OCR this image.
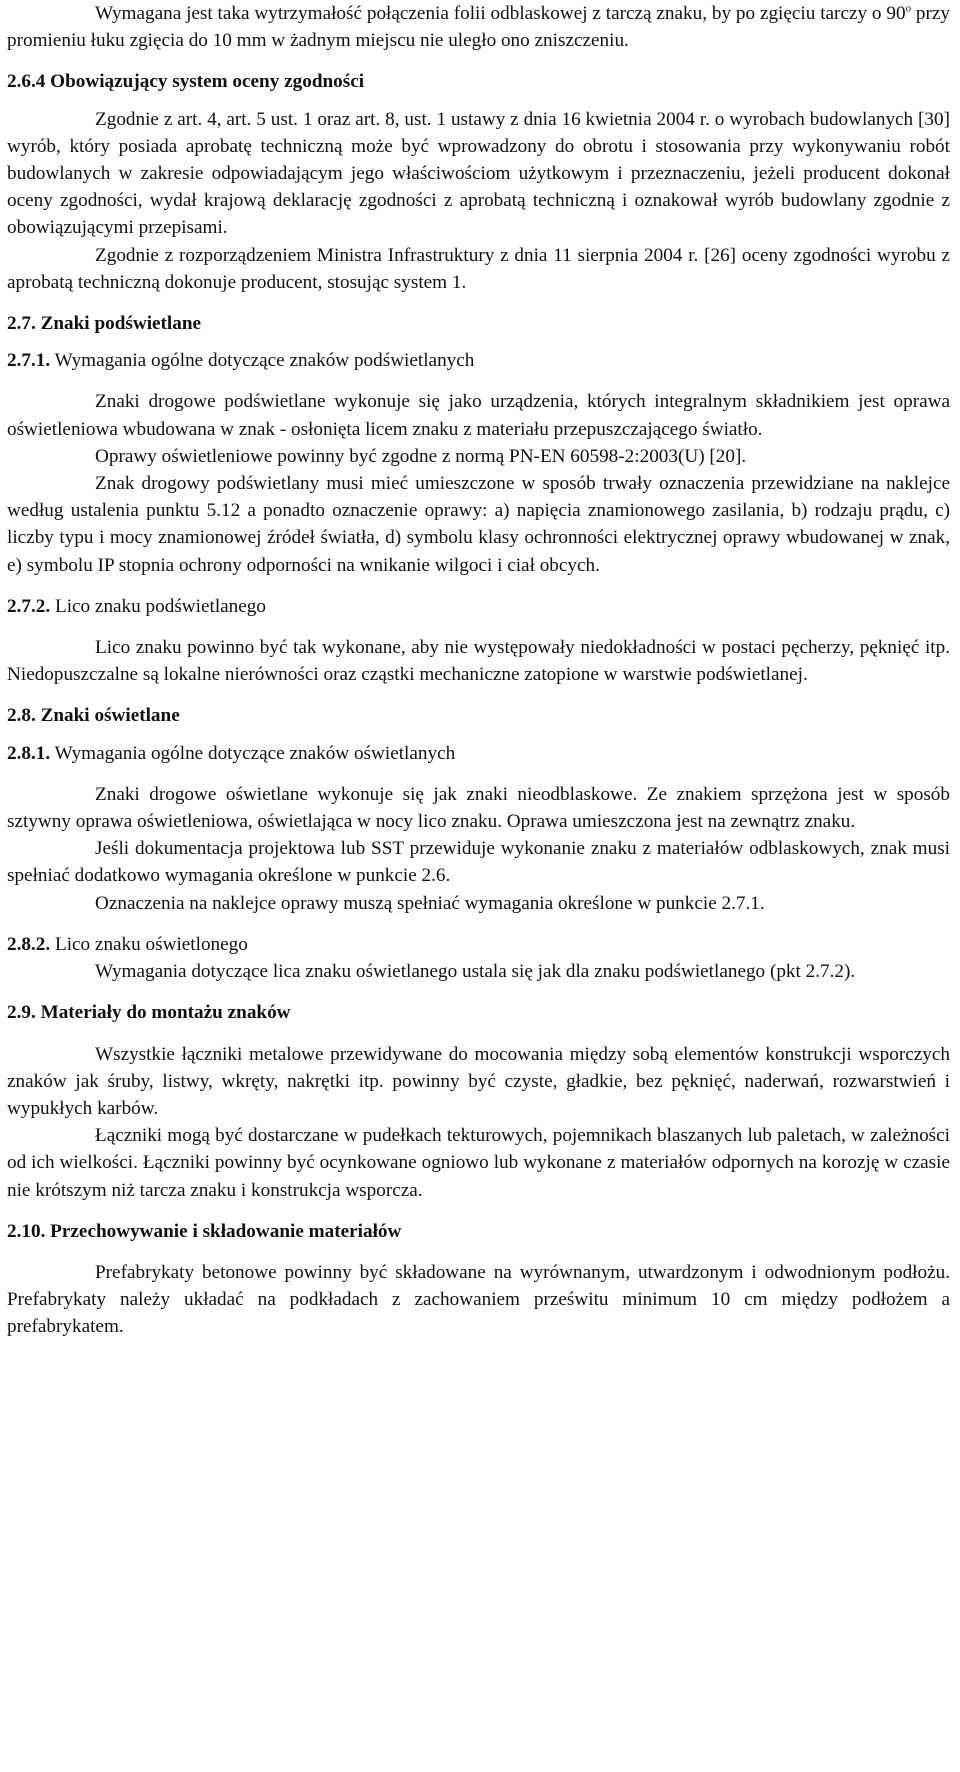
Wymagana jest taka wytrzymałość połączenia folii odblaskowej z tarczą znaku, by po zgięciu tarczy o 90$^o$ przy promieniu łuku zgięcia do 10 mm w żadnym miejscu nie uległo ono zniszczeniu.

2.6.4 Obowiązujący system oceny zgodności

Zgodnie z art. 4, art. 5 ust. 1 oraz art. 8, ust. 1 ustawy z dnia 16 kwietnia 2004 r. o wyrobach budowlanych [30] wyrób, który posiada aprobatę techniczną może być wprowadzony do obrotu i stosowania przy wykonywaniu robót budowlanych w zakresie odpowiadającym jego właściwościom użytkowym i przeznaczeniu, jeżeli producent dokonał oceny zgodności, wydał krajową deklarację zgodności z aprobatą techniczną i oznakował wyrób budowlany zgodnie z obowiązującymi przepisami.

Zgodnie z rozporządzeniem Ministra Infrastruktury z dnia 11 sierpnia 2004 r. [26] oceny zgodności wyrobu z aprobatą techniczną dokonuje producent, stosując system 1.

2.7. Znaki podświetlane

2.7.1. Wymagania ogólne dotyczące znaków podświetlanych

Znaki drogowe podświetlane wykonuje się jako urządzenia, których integralnym składnikiem jest oprawa oświetleniowa wbudowana w znak - osłonięta licem znaku z materiału przepuszczającego światło.

Oprawy oświetleniowe powinny być zgodne z normą PN-EN 60598-2:2003(U) [20].

Znak drogowy podświetlany musi mieć umieszczone w sposób trwały oznaczenia przewidziane na naklejce według ustalenia punktu 5.12 a ponadto oznaczenie oprawy: a) napięcia znamionowego zasilania, b) rodzaju prądu, c) liczby typu i mocy znamionowej źródeł światła, d) symbolu klasy ochronności elektrycznej oprawy wbudowanej w znak, e) symbolu IP stopnia ochrony odporności na wnikanie wilgoci i ciał obcych.

2.7.2. Lico znaku podświetlanego

Lico znaku powinno być tak wykonane, aby nie występowały niedokładności w postaci pęcherzy, pęknięć itp. Niedopuszczalne są lokalne nierówności oraz cząstki mechaniczne zatopione w warstwie podświetlanej.

2.8. Znaki oświetlane

2.8.1. Wymagania ogólne dotyczące znaków oświetlanych

Znaki drogowe oświetlane wykonuje się jak znaki nieodblaskowe. Ze znakiem sprzężona jest w sposób sztywny oprawa oświetleniowa, oświetlająca w nocy lico znaku. Oprawa umieszczona jest na zewnątrz znaku.

Jeśli dokumentacja projektowa lub SST przewiduje wykonanie znaku z materiałów odblaskowych, znak musi spełniać dodatkowo wymagania określone w punkcie 2.6.

Oznaczenia na naklejce oprawy muszą spełniać wymagania określone w punkcie 2.7.1.

2.8.2. Lico znaku oświetlonego

Wymagania dotyczące lica znaku oświetlanego ustala się jak dla znaku podświetlanego (pkt 2.7.2).

2.9. Materiały do montażu znaków

Wszystkie łączniki metalowe przewidywane do mocowania między sobą elementów konstrukcji wsporczych znaków jak śruby, listwy, wkręty, nakrętki itp. powinny być czyste, gładkie, bez pęknięć, naderwań, rozwarstwień i wypukłych karbów.

Łączniki mogą być dostarczane w pudełkach tekturowych, pojemnikach blaszanych lub paletach, w zależności od ich wielkości. Łączniki powinny być ocynkowane ogniowo lub wykonane z materiałów odpornych na korozję w czasie nie krótszym niż tarcza znaku i konstrukcja wsporcza.

2.10. Przechowywanie i składowanie materiałów

Prefabrykaty betonowe powinny być składowane na wyrównanym, utwardzonym i odwodnionym podłożu. Prefabrykaty należy układać na podkładach z zachowaniem prześwitu minimum 10 cm między podłożem a prefabrykatem.
